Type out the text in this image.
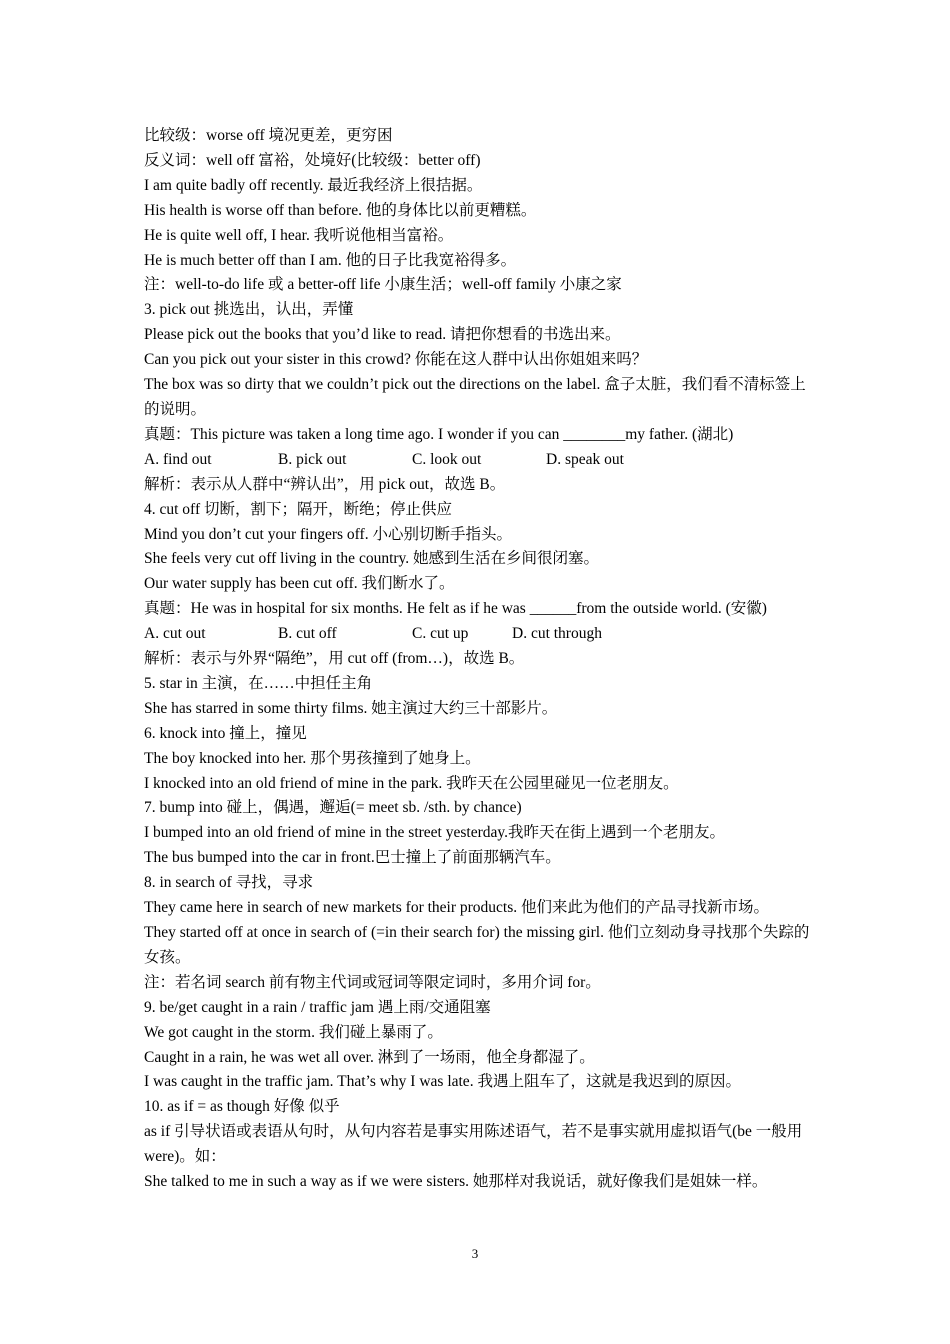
比较级：worse off 境况更差，更穷困

反义词：well off 富裕，处境好(比较级：better off)

I am quite badly off recently. 最近我经济上很拮据。

His health is worse off than before. 他的身体比以前更糟糕。

He is quite well off, I hear. 我听说他相当富裕。

He is much better off than I am. 他的日子比我宽裕得多。

注：well-to-do life 或 a better-off life 小康生活；well-off family 小康之家

3. pick out 挑选出，认出，弄懂

Please pick out the books that you’d like to read. 请把你想看的书选出来。

Can you pick out your sister in this crowd? 你能在这人群中认出你姐姐来吗？

The box was so dirty that we couldn’t pick out the directions on the label. 盒子太脏，我们看不清标签上的说明。

真题：This picture was taken a long time ago. I wonder if you can ________my father. (湖北)

A. find out	B. pick out	C. look out	D. speak out

解析：表示从人群中“辨认出”，用 pick out，故选 B。

4. cut off 切断，割下；隔开，断绝；停止供应

Mind you don’t cut your fingers off. 小心别切断手指头。

She feels very cut off living in the country. 她感到生活在乡间很闭塞。

Our water supply has been cut off. 我们断水了。

真题：He was in hospital for six months. He felt as if he was ______from the outside world. (安徽)

A. cut out	B. cut off	C. cut up	D. cut through

解析：表示与外界“隔绝”，用 cut off (from…)，故选 B。

5. star in 主演，在……中担任主角

She has starred in some thirty films. 她主演过大约三十部影片。

6. knock into 撞上，撞见

The boy knocked into her. 那个男孩撞到了她身上。

I knocked into an old friend of mine in the park. 我昨天在公园里碰见一位老朋友。

7. bump into 碰上，偶遇，邂逅(= meet sb. /sth. by chance)

I bumped into an old friend of mine in the street yesterday.我昨天在街上遇到一个老朋友。

The bus bumped into the car in front.巴士撞上了前面那辆汽车。

8. in search of 寻找，寻求

They came here in search of new markets for their products. 他们来此为他们的产品寻找新市场。

They started off at once in search of (=in their search for) the missing girl. 他们立刻动身寻找那个失踪的女孩。

注：若名词 search 前有物主代词或冠词等限定词时，多用介词 for。

9. be/get caught in a rain / traffic jam 遇上雨/交通阻塞

We got caught in the storm. 我们碰上暴雨了。

Caught in a rain, he was wet all over. 淋到了一场雨，他全身都湿了。

I was caught in the traffic jam. That’s why I was late. 我遇上阻车了，这就是我迟到的原因。

10. as if = as though 好像 似乎

as if 引导状语或表语从句时，从句内容若是事实用陈述语气，若不是事实就用虚拟语气(be 一般用 were)。如：

She talked to me in such a way as if we were sisters. 她那样对我说话，就好像我们是姐妹一样。

3
